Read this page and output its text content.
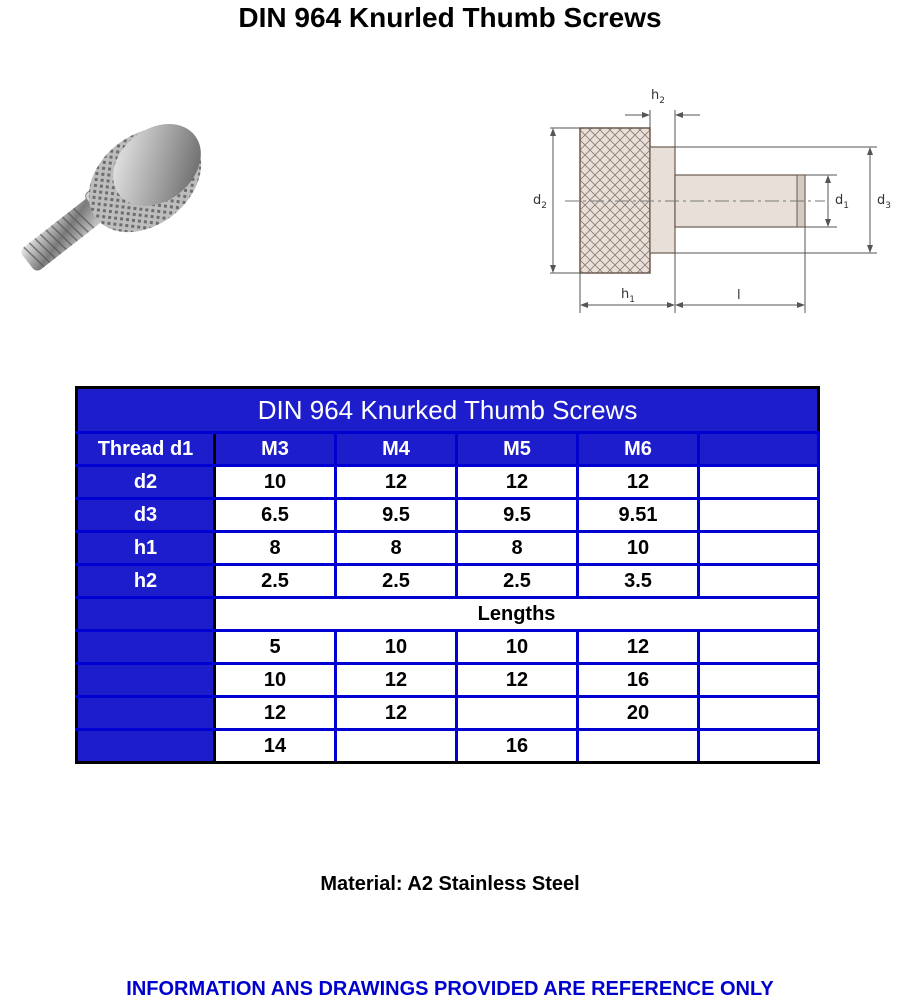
DIN 964 Knurled Thumb Screws
$h_2$
$d_2$	$d_1$ $d_3$
$h_1$	l
DIN 964 Knurked Thumb Screws					
Thread d1	M3	M4	M5	M6	
d2	10	12	12	12	
d3	6.5	9.5	9.5	9.51	
h1	8	8	8	10	
h2	2.5	2.5	2.5	3.5	
	Lengths				
	5	10	10	12	
	10	12	12	16	
	12	12		20	
	14		16		
Material: A2 Stainless Steel
INFORMATION ANS DRAWINGS PROVIDED ARE REFERENCE ONLY
